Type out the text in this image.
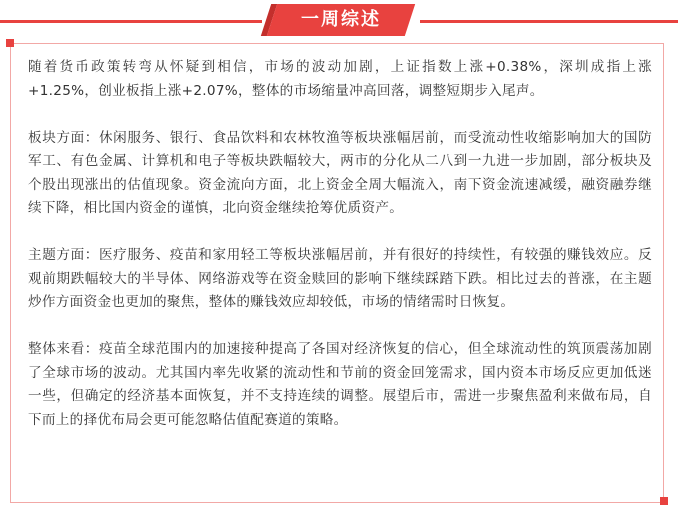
一周综述

随着货币政策转弯从怀疑到相信，市场的波动加剧，上证指数上涨+0.38%，深圳成指上涨+1.25%，创业板指上涨+2.07%，整体的市场缩量冲高回落，调整短期步入尾声。

板块方面：休闲服务、银行、食品饮料和农林牧渔等板块涨幅居前，而受流动性收缩影响加大的国防军工、有色金属、计算机和电子等板块跌幅较大，两市的分化从二八到一九进一步加剧，部分板块及个股出现涨出的估值现象。资金流向方面，北上资金全周大幅流入，南下资金流速减缓，融资融券继续下降，相比国内资金的谨慎，北向资金继续抢筹优质资产。

主题方面：医疗服务、疫苗和家用轻工等板块涨幅居前，并有很好的持续性，有较强的赚钱效应。反观前期跌幅较大的半导体、网络游戏等在资金赎回的影响下继续踩踏下跌。相比过去的普涨，在主题炒作方面资金也更加的聚焦，整体的赚钱效应却较低，市场的情绪需时日恢复。

整体来看：疫苗全球范围内的加速接种提高了各国对经济恢复的信心，但全球流动性的筑顶震荡加剧了全球市场的波动。尤其国内率先收紧的流动性和节前的资金回笼需求，国内资本市场反应更加低迷一些，但确定的经济基本面恢复，并不支持连续的调整。展望后市，需进一步聚焦盈利来做布局，自下而上的择优布局会更可能忽略估值配赛道的策略。
